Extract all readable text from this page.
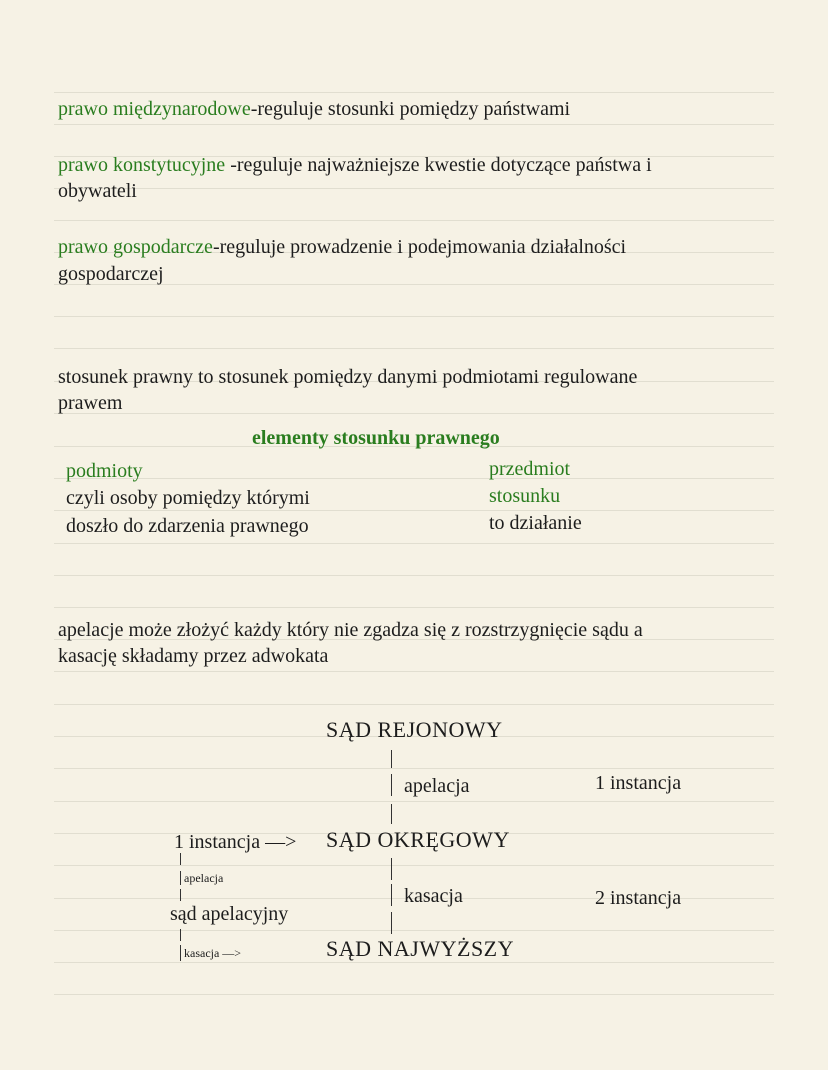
prawo międzynarodowe-reguluje stosunki pomiędzy państwami
prawo konstytucyjne -reguluje najważniejsze kwestie dotyczące państwa i
obywateli
prawo gospodarcze-reguluje prowadzenie i podejmowania działalności
gospodarczej
stosunek prawny to stosunek pomiędzy danymi podmiotami regulowane
prawem
elementy stosunku prawnego
podmioty
czyli osoby pomiędzy którymi
doszło do zdarzenia prawnego
przedmiot
stosunku
to działanie
apelacje może złożyć każdy który nie zgadza się z rozstrzygnięcie sądu a
kasację składamy przez adwokata
SĄD REJONOWY
apelacja	1 instancja
1 instancja —> SĄD OKRĘGOWY
apelacja
sąd apelacyjny
kasacja —>
kasacja	2 instancja
SĄD NAJWYŻSZY
